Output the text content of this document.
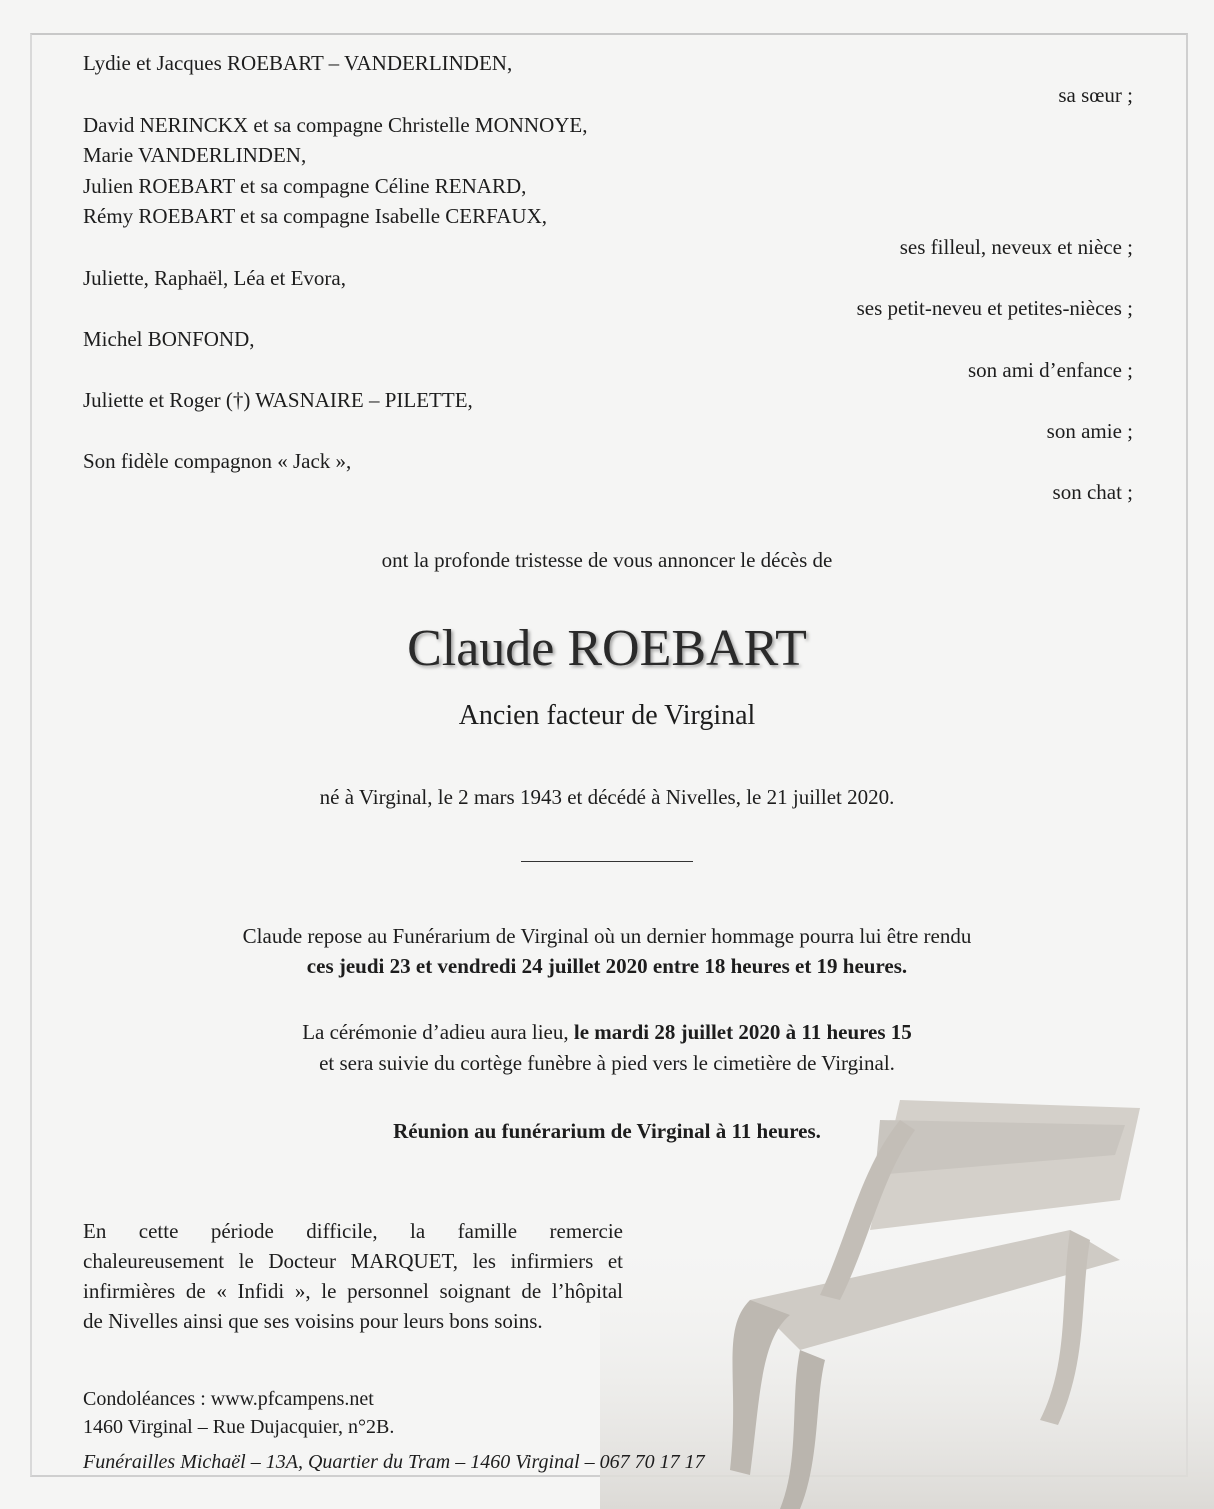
Lydie et Jacques ROEBART – VANDERLINDEN,
sa sœur ;
David NERINCKX et sa compagne Christelle MONNOYE,
Marie VANDERLINDEN,
Julien ROEBART et sa compagne Céline RENARD,
Rémy ROEBART et sa compagne Isabelle CERFAUX,
ses filleul, neveux et nièce ;
Juliette, Raphaël, Léa et Evora,
ses petit-neveu et petites-nièces ;
Michel BONFOND,
son ami d’enfance ;
Juliette et Roger (†) WASNAIRE – PILETTE,
son amie ;
Son fidèle compagnon « Jack »,
son chat ;
ont la profonde tristesse de vous annoncer le décès de
Claude ROEBART
Ancien facteur de Virginal
né à Virginal, le 2 mars 1943 et décédé à Nivelles, le 21 juillet 2020.
Claude repose au Funérarium de Virginal où un dernier hommage pourra lui être rendu
ces jeudi 23 et vendredi 24 juillet 2020 entre 18 heures et 19 heures.
La cérémonie d’adieu aura lieu, le mardi 28 juillet 2020 à 11 heures 15
et sera suivie du cortège funèbre à pied vers le cimetière de Virginal.
Réunion au funérarium de Virginal à 11 heures.
En cette période difficile, la famille remercie
chaleureusement le Docteur MARQUET, les infirmiers et
infirmières de « Infidi », le personnel soignant de l’hôpital
de Nivelles ainsi que ses voisins pour leurs bons soins.
Condoléances : www.pfcampens.net
1460 Virginal – Rue Dujacquier, n°2B.
Funérailles Michaël – 13A, Quartier du Tram – 1460 Virginal – 067 70 17 17
